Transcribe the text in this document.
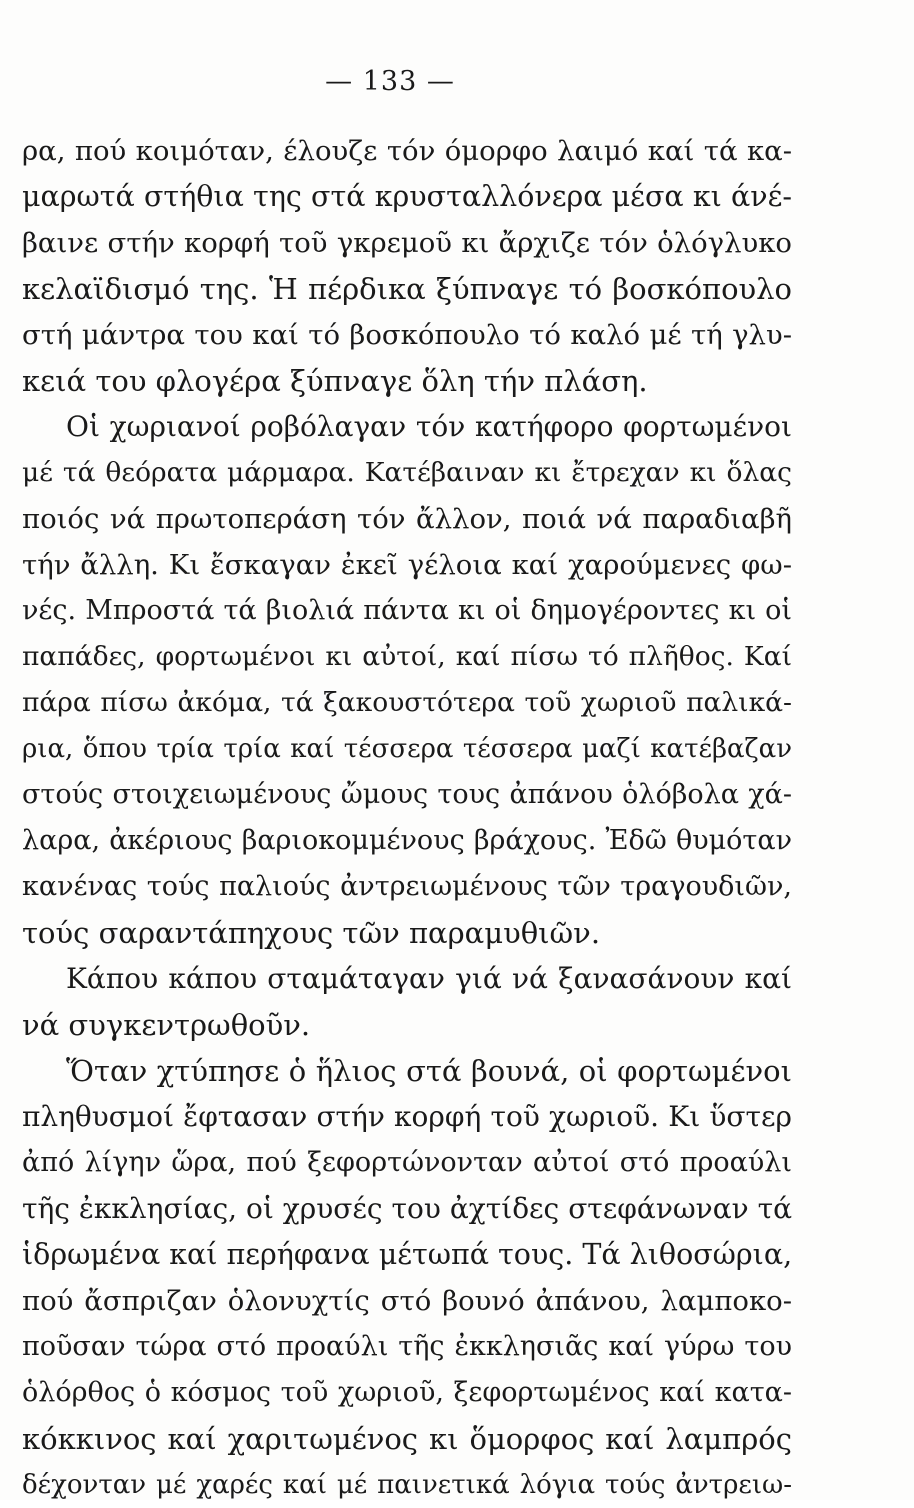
— 133 —
ρα, πού κοιμόταν, έλουζε τόν όμορφο λαιμό καί τά κα-
μαρωτά στήθια της στά κρυσταλλόνερα μέσα κι άνέ-
βαινε στήν κορφή τοῦ γκρεμοῦ κι ἄρχιζε τόν ὁλόγλυκο
κελαϊδισμό της. Ἡ πέρδικα ξύπναγε τό βοσκόπουλο
στή μάντρα του καί τό βοσκόπουλο τό καλό μέ τή γλυ-
κειά του φλογέρα ξύπναγε ὅλη τήν πλάση.
Οἱ χωριανοί ροβόλαγαν τόν κατήφορο φορτωμένοι
μέ τά θεόρατα μάρμαρα. Κατέβαιναν κι ἔτρεχαν κι ὅλας
ποιός νά πρωτοπεράση τόν ἄλλον, ποιά νά παραδιαβῆ
τήν ἄλλη. Κι ἔσκαγαν ἐκεῖ γέλοια καί χαρούμενες φω-
νές. Μπροστά τά βιολιά πάντα κι οἱ δημογέροντες κι οἱ
παπάδες, φορτωμένοι κι αὐτοί, καί πίσω τό πλῆθος. Καί
πάρα πίσω ἀκόμα, τά ξακουστότερα τοῦ χωριοῦ παλικά-
ρια, ὅπου τρία τρία καί τέσσερα τέσσερα μαζί κατέβαζαν
στούς στοιχειωμένους ὤμους τους ἀπάνου ὁλόβολα χά-
λαρα, ἀκέριους βαριοκομμένους βράχους. Ἐδῶ θυμόταν
κανένας τούς παλιούς ἀντρειωμένους τῶν τραγουδιῶν,
τούς σαραντάπηχους τῶν παραμυθιῶν.
Κάπου κάπου σταμάταγαν γιά νά ξανασάνουν καί
νά συγκεντρωθοῦν.
Ὅταν χτύπησε ὁ ἥλιος στά βουνά, οἱ φορτωμένοι
πληθυσμοί ἔφτασαν στήν κορφή τοῦ χωριοῦ. Κι ὕστερ
ἀπό λίγην ὥρα, πού ξεφορτώνονταν αὐτοί στό προαύλι
τῆς ἐκκλησίας, οἱ χρυσές του ἀχτίδες στεφάνωναν τά
ἱδρωμένα καί περήφανα μέτωπά τους. Τά λιθοσώρια,
πού ἄσπριζαν ὁλονυχτίς στό βουνό ἀπάνου, λαμποκο-
ποῦσαν τώρα στό προαύλι τῆς ἐκκλησιᾶς καί γύρω του
ὁλόρθος ὁ κόσμος τοῦ χωριοῦ, ξεφορτωμένος καί κατα-
κόκκινος καί χαριτωμένος κι ὅμορφος καί λαμπρός
δέχονταν μέ χαρές καί μέ παινετικά λόγια τούς ἀντρειω-
